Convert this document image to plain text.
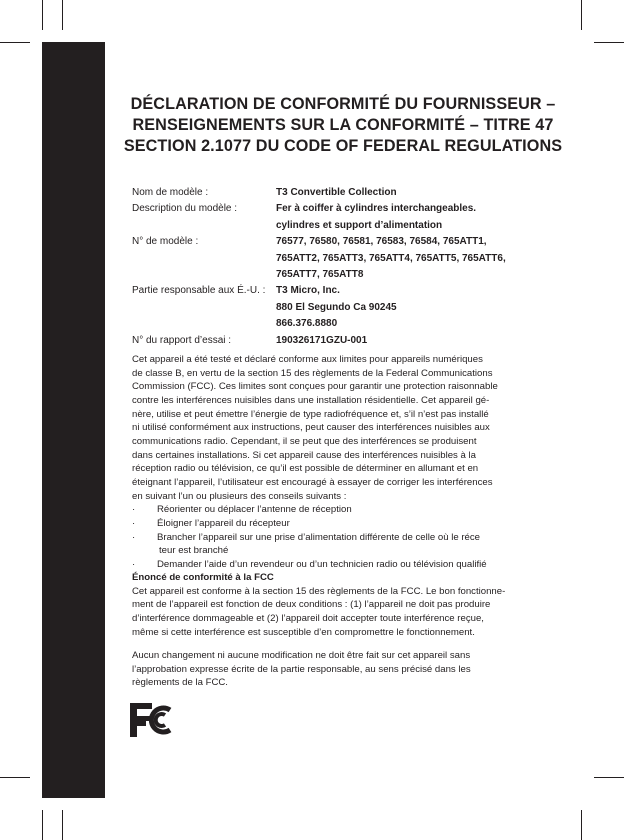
DÉCLARATION DE CONFORMITÉ DU FOURNISSEUR – RENSEIGNEMENTS SUR LA CONFORMITÉ – TITRE 47 SECTION 2.1077 DU CODE OF FEDERAL REGULATIONS
Nom de modèle :	T3 Convertible Collection
Description du modèle :	Fer à coiffer à cylindres interchangeables.
cylindres et support d’alimentation
N° de modèle :	76577, 76580, 76581, 76583, 76584, 765ATT1,
765ATT2, 765ATT3, 765ATT4, 765ATT5, 765ATT6,
765ATT7, 765ATT8
Partie responsable aux É.-U. :	T3 Micro, Inc.
880 El Segundo Ca 90245
866.376.8880
N° du rapport d’essai :	190326171GZU-001
Cet appareil a été testé et déclaré conforme aux limites pour appareils numériques
de classe B, en vertu de la section 15 des règlements de la Federal Communications
Commission (FCC). Ces limites sont conçues pour garantir une protection raisonnable
contre les interférences nuisibles dans une installation résidentielle. Cet appareil gé-
nère, utilise et peut émettre l’énergie de type radiofréquence et, s’il n’est pas installé
ni utilisé conformément aux instructions, peut causer des interférences nuisibles aux
communications radio. Cependant, il se peut que des interférences se produisent
dans certaines installations. Si cet appareil cause des interférences nuisibles à la
réception radio ou télévision, ce qu’il est possible de déterminer en allumant et en
éteignant l’appareil, l’utilisateur est encouragé à essayer de corriger les interférences
en suivant l’un ou plusieurs des conseils suivants :
· Réorienter ou déplacer l’antenne de réception
· Éloigner l’appareil du récepteur
· Brancher l’appareil sur une prise d’alimentation différente de celle où le réce
teur est branché
· Demander l’aide d’un revendeur ou d’un technicien radio ou télévision qualifié

Énoncé de conformité à la FCC

Cet appareil est conforme à la section 15 des règlements de la FCC. Le bon fonctionne-
ment de l’appareil est fonction de deux conditions : (1) l’appareil ne doit pas produire
d’interférence dommageable et (2) l’appareil doit accepter toute interférence reçue,
même si cette interférence est susceptible d’en compromettre le fonctionnement.
Aucun changement ni aucune modification ne doit être fait sur cet appareil sans
l’approbation expresse écrite de la partie responsable, au sens précisé dans les
règlements de la FCC.
